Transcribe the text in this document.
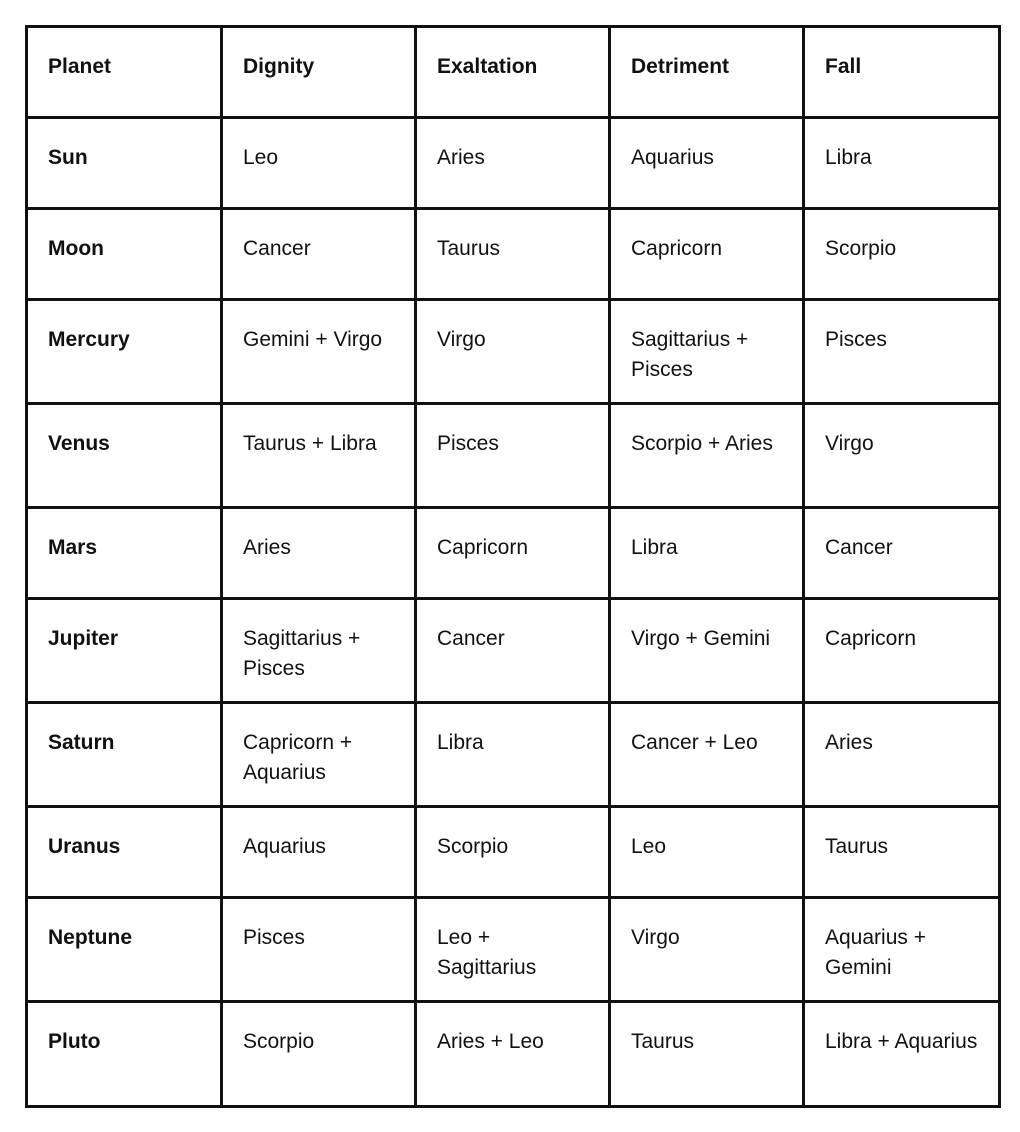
Planet	Dignity	Exaltation	Detriment	Fall
Sun	Leo	Aries	Aquarius	Libra
Moon	Cancer	Taurus	Capricorn	Scorpio
Mercury	Gemini + Virgo	Virgo	Sagittarius + Pisces	Pisces
Venus	Taurus + Libra	Pisces	Scorpio + Aries	Virgo
Mars	Aries	Capricorn	Libra	Cancer
Jupiter	Sagittarius + Pisces	Cancer	Virgo + Gemini	Capricorn
Saturn	Capricorn + Aquarius	Libra	Cancer + Leo	Aries
Uranus	Aquarius	Scorpio	Leo	Taurus
Neptune	Pisces	Leo + Sagittarius	Virgo	Aquarius + Gemini
Pluto	Scorpio	Aries + Leo	Taurus	Libra + Aquarius
